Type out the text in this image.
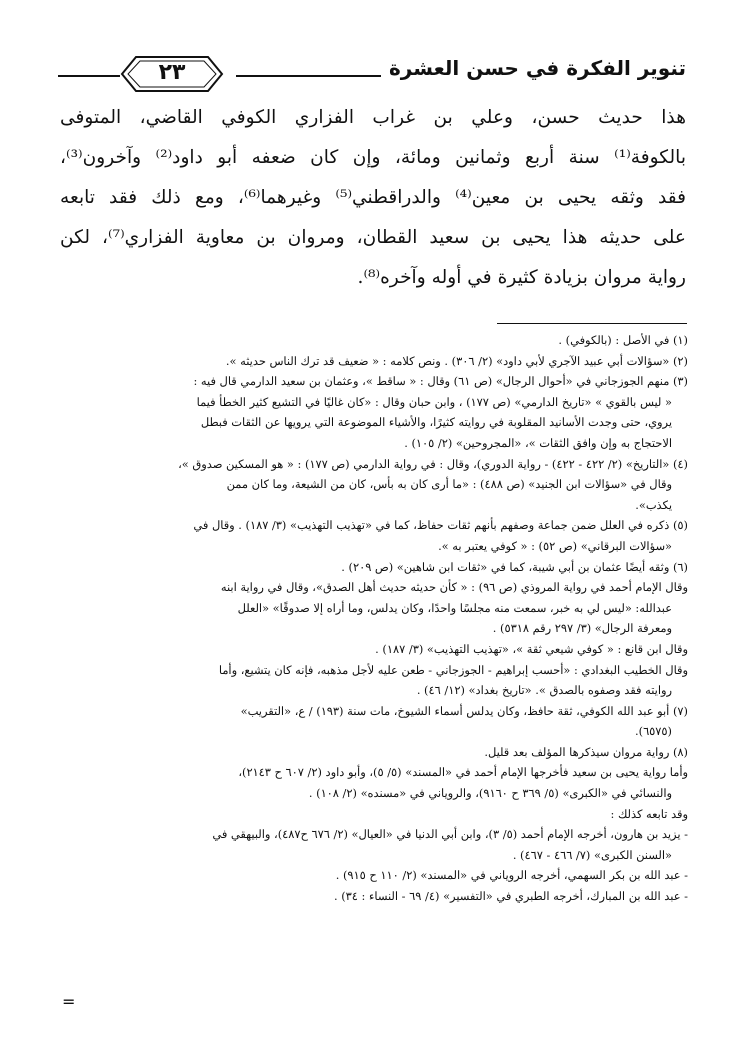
٢٣	تنوير الفكرة في حسن العشرة
هذا حديث حسن، وعلي بن غراب الفزاري الكوفي القاضي، المتوفى
بالكوفة⁽¹⁾ سنة أربع وثمانين ومائة، وإن كان ضعفه أبو داود⁽²⁾ وآخرون⁽³⁾،
فقد وثقه يحيى بن معين⁽⁴⁾ والدراقطني⁽⁵⁾ وغيرهما⁽⁶⁾، ومع ذلك فقد تابعه
على حديثه هذا يحيى بن سعيد القطان، ومروان بن معاوية الفزاري⁽⁷⁾، لكن
رواية مروان بزيادة كثيرة في أوله وآخره⁽⁸⁾.
(١) في الأصل : (بالكوفي) .
(٢) «سؤالات أبي عبيد الآجري لأبي داود» (٢/ ٣٠٦) . ونص كلامه : « ضعيف قد ترك الناس حديثه ».
(٣) منهم الجوزجاني في «أحوال الرجال» (ص ٦١) وقال : « ساقط »، وعثمان بن سعيد الدارمي قال فيه :
« ليس بالقوي » «تاريخ الدارمي» (ص ١٧٧) ، وابن حبان وقال : «كان غاليًا في التشيع كثير الخطأ فيما
يروي، حتى وجدت الأسانيد المقلوبة في روايته كثيرًا، والأشياء الموضوعة التي يرويها عن الثقات فبطل
الاحتجاج به وإن وافق الثقات »، «المجروحين» (٢/ ١٠٥) .
(٤) «التاريخ» (٢/ ٤٢٢ - ٤٢٢) - رواية الدوري)، وقال : في رواية الدارمي (ص ١٧٧) : « هو المسكين صدوق »،
وقال في «سؤالات ابن الجنيد» (ص ٤٨٨) : «ما أرى كان به بأس، كان من الشيعة، وما كان ممن
يكذب».
(٥) ذكره في العلل ضمن جماعة وصفهم بأنهم ثقات حفاظ، كما في «تهذيب التهذيب» (٣/ ١٨٧) . وقال في
«سؤالات البرقاني» (ص ٥٢) : « كوفي يعتبر به ».
(٦) وثقه أيضًا عثمان بن أبي شيبة، كما في «ثقات ابن شاهين» (ص ٢٠٩) .
وقال الإمام أحمد في رواية المروذي (ص ٩٦) : « كأن حديثه حديث أهل الصدق»، وقال في رواية ابنه
عبدالله: «ليس لي به خبر، سمعت منه مجلسًا واحدًا، وكان يدلس، وما أراه إلا صدوقًا» «العلل
ومعرفة الرجال» (٣/ ٢٩٧ رقم ٥٣١٨) .
وقال ابن قانع : « كوفي شيعي ثقة »، «تهذيب التهذيب» (٣/ ١٨٧) .
وقال الخطيب البغدادي : «أحسب إبراهيم - الجوزجاني - طعن عليه لأجل مذهبه، فإنه كان يتشيع، وأما
روايته فقد وصفوه بالصدق ». «تاريخ بغداد» (١٢/ ٤٦) .
(٧) أبو عبد الله الكوفي، ثقة حافظ، وكان يدلس أسماء الشيوخ، مات سنة (١٩٣) / ع، «التقريب»
(٦٥٧٥).
(٨) رواية مروان سيذكرها المؤلف بعد قليل.
وأما رواية يحيى بن سعيد فأخرجها الإمام أحمد في «المسند» (٥/ ٥)، وأبو داود (٢/ ٦٠٧ ح ٢١٤٣)،
والنسائي في «الكبرى» (٥/ ٣٦٩ ح ٩١٦٠)، والروياني في «مسنده» (٢/ ١٠٨) .
وقد تابعه كذلك :
- يزيد بن هارون، أخرجه الإمام أحمد (٥/ ٣)، وابن أبي الدنيا في «العيال» (٢/ ٦٧٦ ح٤٨٧)، والبيهقي في
«السنن الكبرى» (٧/ ٤٦٦ - ٤٦٧) .
- عبد الله بن بكر السهمي، أخرجه الروياني في «المسند» (٢/ ١١٠ ح ٩١٥) .
- عبد الله بن المبارك، أخرجه الطبري في «التفسير» (٤/ ٦٩ - النساء : ٣٤) .
=
